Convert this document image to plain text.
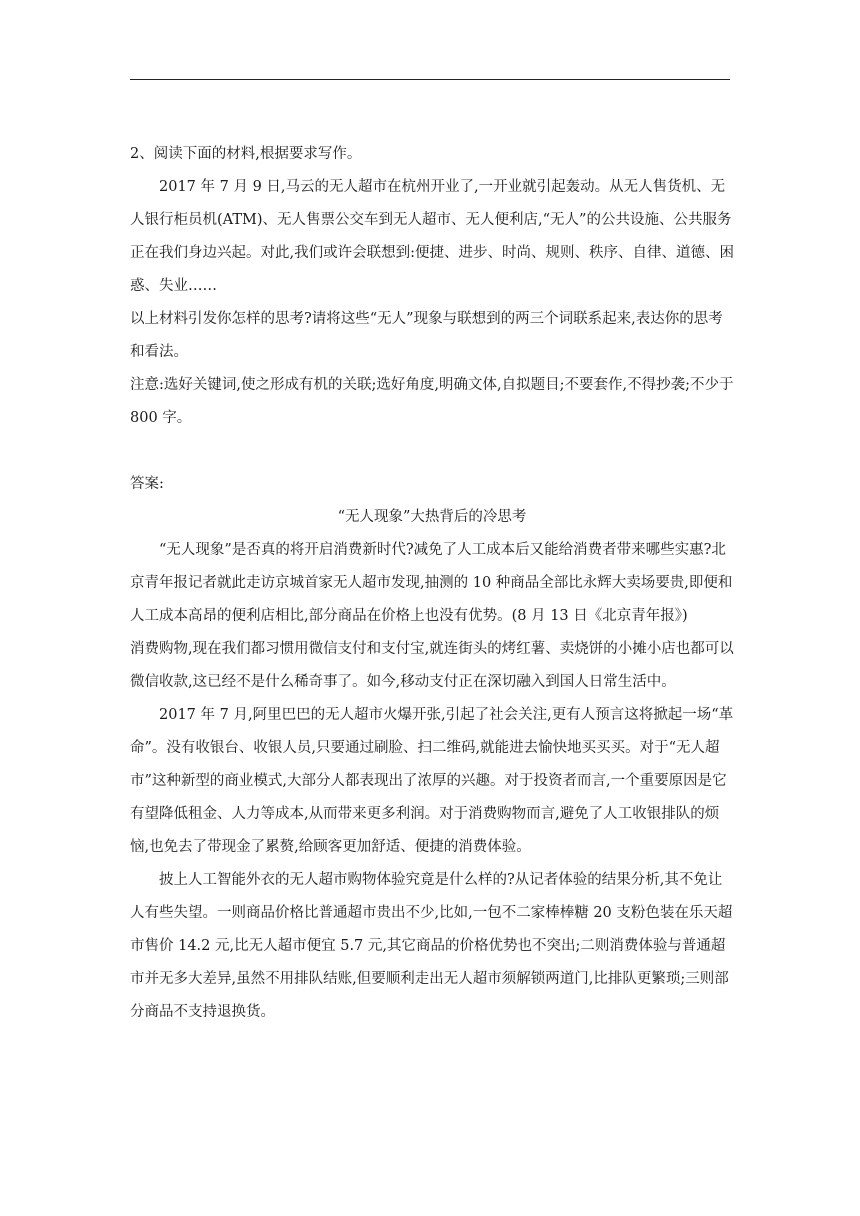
2、阅读下面的材料,根据要求写作。

2017 年 7 月 9 日,马云的无人超市在杭州开业了,一开业就引起轰动。从无人售货机、无人银行柜员机(ATM)、无人售票公交车到无人超市、无人便利店,“无人”的公共设施、公共服务正在我们身边兴起。对此,我们或许会联想到:便捷、进步、时尚、规则、秩序、自律、道德、困惑、失业……

以上材料引发你怎样的思考?请将这些“无人”现象与联想到的两三个词联系起来,表达你的思考和看法。

注意:选好关键词,使之形成有机的关联;选好角度,明确文体,自拟题目;不要套作,不得抄袭;不少于 800 字。

答案:

“无人现象”大热背后的冷思考

“无人现象”是否真的将开启消费新时代?减免了人工成本后又能给消费者带来哪些实惠?北京青年报记者就此走访京城首家无人超市发现,抽测的 10 种商品全部比永辉大卖场要贵,即便和人工成本高昂的便利店相比,部分商品在价格上也没有优势。(8 月 13 日《北京青年报》)

消费购物,现在我们都习惯用微信支付和支付宝,就连街头的烤红薯、卖烧饼的小摊小店也都可以微信收款,这已经不是什么稀奇事了。如今,移动支付正在深切融入到国人日常生活中。

2017 年 7 月,阿里巴巴的无人超市火爆开张,引起了社会关注,更有人预言这将掀起一场“革命”。没有收银台、收银人员,只要通过刷脸、扫二维码,就能进去愉快地买买买。对于“无人超市”这种新型的商业模式,大部分人都表现出了浓厚的兴趣。对于投资者而言,一个重要原因是它有望降低租金、人力等成本,从而带来更多利润。对于消费购物而言,避免了人工收银排队的烦恼,也免去了带现金了累赘,给顾客更加舒适、便捷的消费体验。

披上人工智能外衣的无人超市购物体验究竟是什么样的?从记者体验的结果分析,其不免让人有些失望。一则商品价格比普通超市贵出不少,比如,一包不二家棒棒糖 20 支粉色装在乐天超市售价 14.2 元,比无人超市便宜 5.7 元,其它商品的价格优势也不突出;二则消费体验与普通超市并无多大差异,虽然不用排队结账,但要顺利走出无人超市须解锁两道门,比排队更繁琐;三则部分商品不支持退换货。
